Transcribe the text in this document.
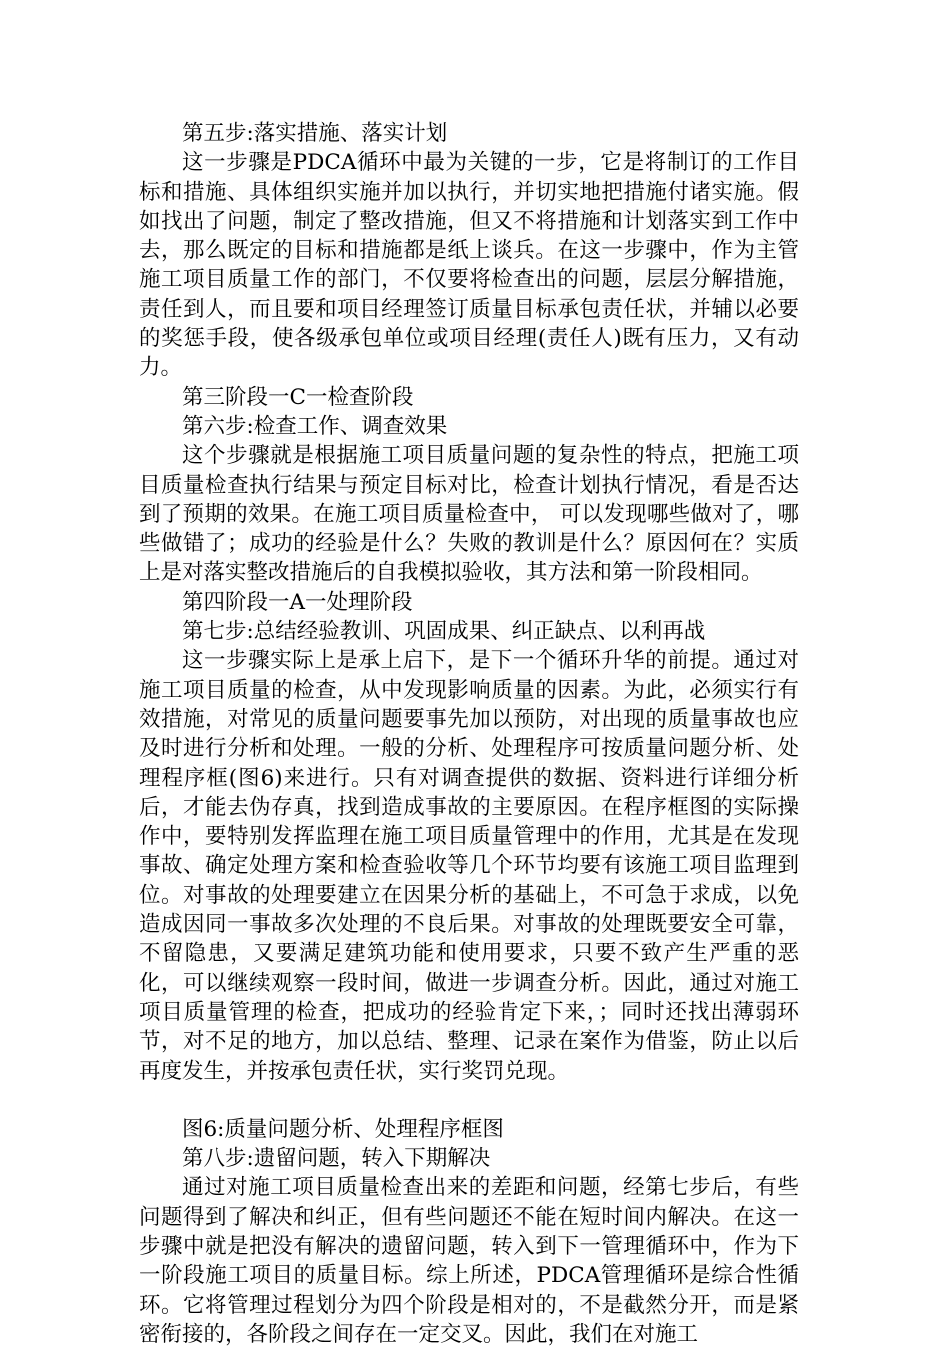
第五步:落实措施、落实计划

这一步骤是PDCA循环中最为关键的一步，它是将制订的工作目标和措施、具体组织实施并加以执行，并切实地把措施付诸实施。假如找出了问题，制定了整改措施，但又不将措施和计划落实到工作中去，那么既定的目标和措施都是纸上谈兵。在这一步骤中，作为主管施工项目质量工作的部门，不仅要将检查出的问题，层层分解措施，责任到人，而且要和项目经理签订质量目标承包责任状，并辅以必要的奖惩手段，使各级承包单位或项目经理(责任人)既有压力，又有动力。

第三阶段一C一检查阶段

第六步:检查工作、调查效果

这个步骤就是根据施工项目质量问题的复杂性的特点，把施工项目质量检查执行结果与预定目标对比，检查计划执行情况，看是否达到了预期的效果。在施工项目质量检查中， 可以发现哪些做对了，哪些做错了；成功的经验是什么？失败的教训是什么？原因何在？实质上是对落实整改措施后的自我模拟验收，其方法和第一阶段相同。

第四阶段一A一处理阶段

第七步:总结经验教训、巩固成果、纠正缺点、以利再战

这一步骤实际上是承上启下，是下一个循环升华的前提。通过对施工项目质量的检查，从中发现影响质量的因素。为此，必须实行有效措施，对常见的质量问题要事先加以预防，对出现的质量事故也应及时进行分析和处理。一般的分析、处理程序可按质量问题分析、处理程序框(图6)来进行。只有对调查提供的数据、资料进行详细分析后，才能去伪存真，找到造成事故的主要原因。在程序框图的实际操作中，要特别发挥监理在施工项目质量管理中的作用，尤其是在发现事故、确定处理方案和检查验收等几个环节均要有该施工项目监理到位。对事故的处理要建立在因果分析的基础上，不可急于求成，以免造成因同一事故多次处理的不良后果。对事故的处理既要安全可靠，不留隐患，又要满足建筑功能和使用要求，只要不致产生严重的恶化，可以继续观察一段时间，做进一步调查分析。因此，通过对施工项目质量管理的检查，把成功的经验肯定下来，；同时还找出薄弱环节，对不足的地方，加以总结、整理、记录在案作为借鉴，防止以后再度发生，并按承包责任状，实行奖罚兑现。

图6:质量问题分析、处理程序框图

第八步:遗留问题，转入下期解决

通过对施工项目质量检查出来的差距和问题，经第七步后，有些问题得到了解决和纠正，但有些问题还不能在短时间内解决。在这一步骤中就是把没有解决的遗留问题，转入到下一管理循环中，作为下一阶段施工项目的质量目标。综上所述，PDCA管理循环是综合性循环。它将管理过程划分为四个阶段是相对的，不是截然分开，而是紧密衔接的，各阶段之间存在一定交叉。因此，我们在对施工
